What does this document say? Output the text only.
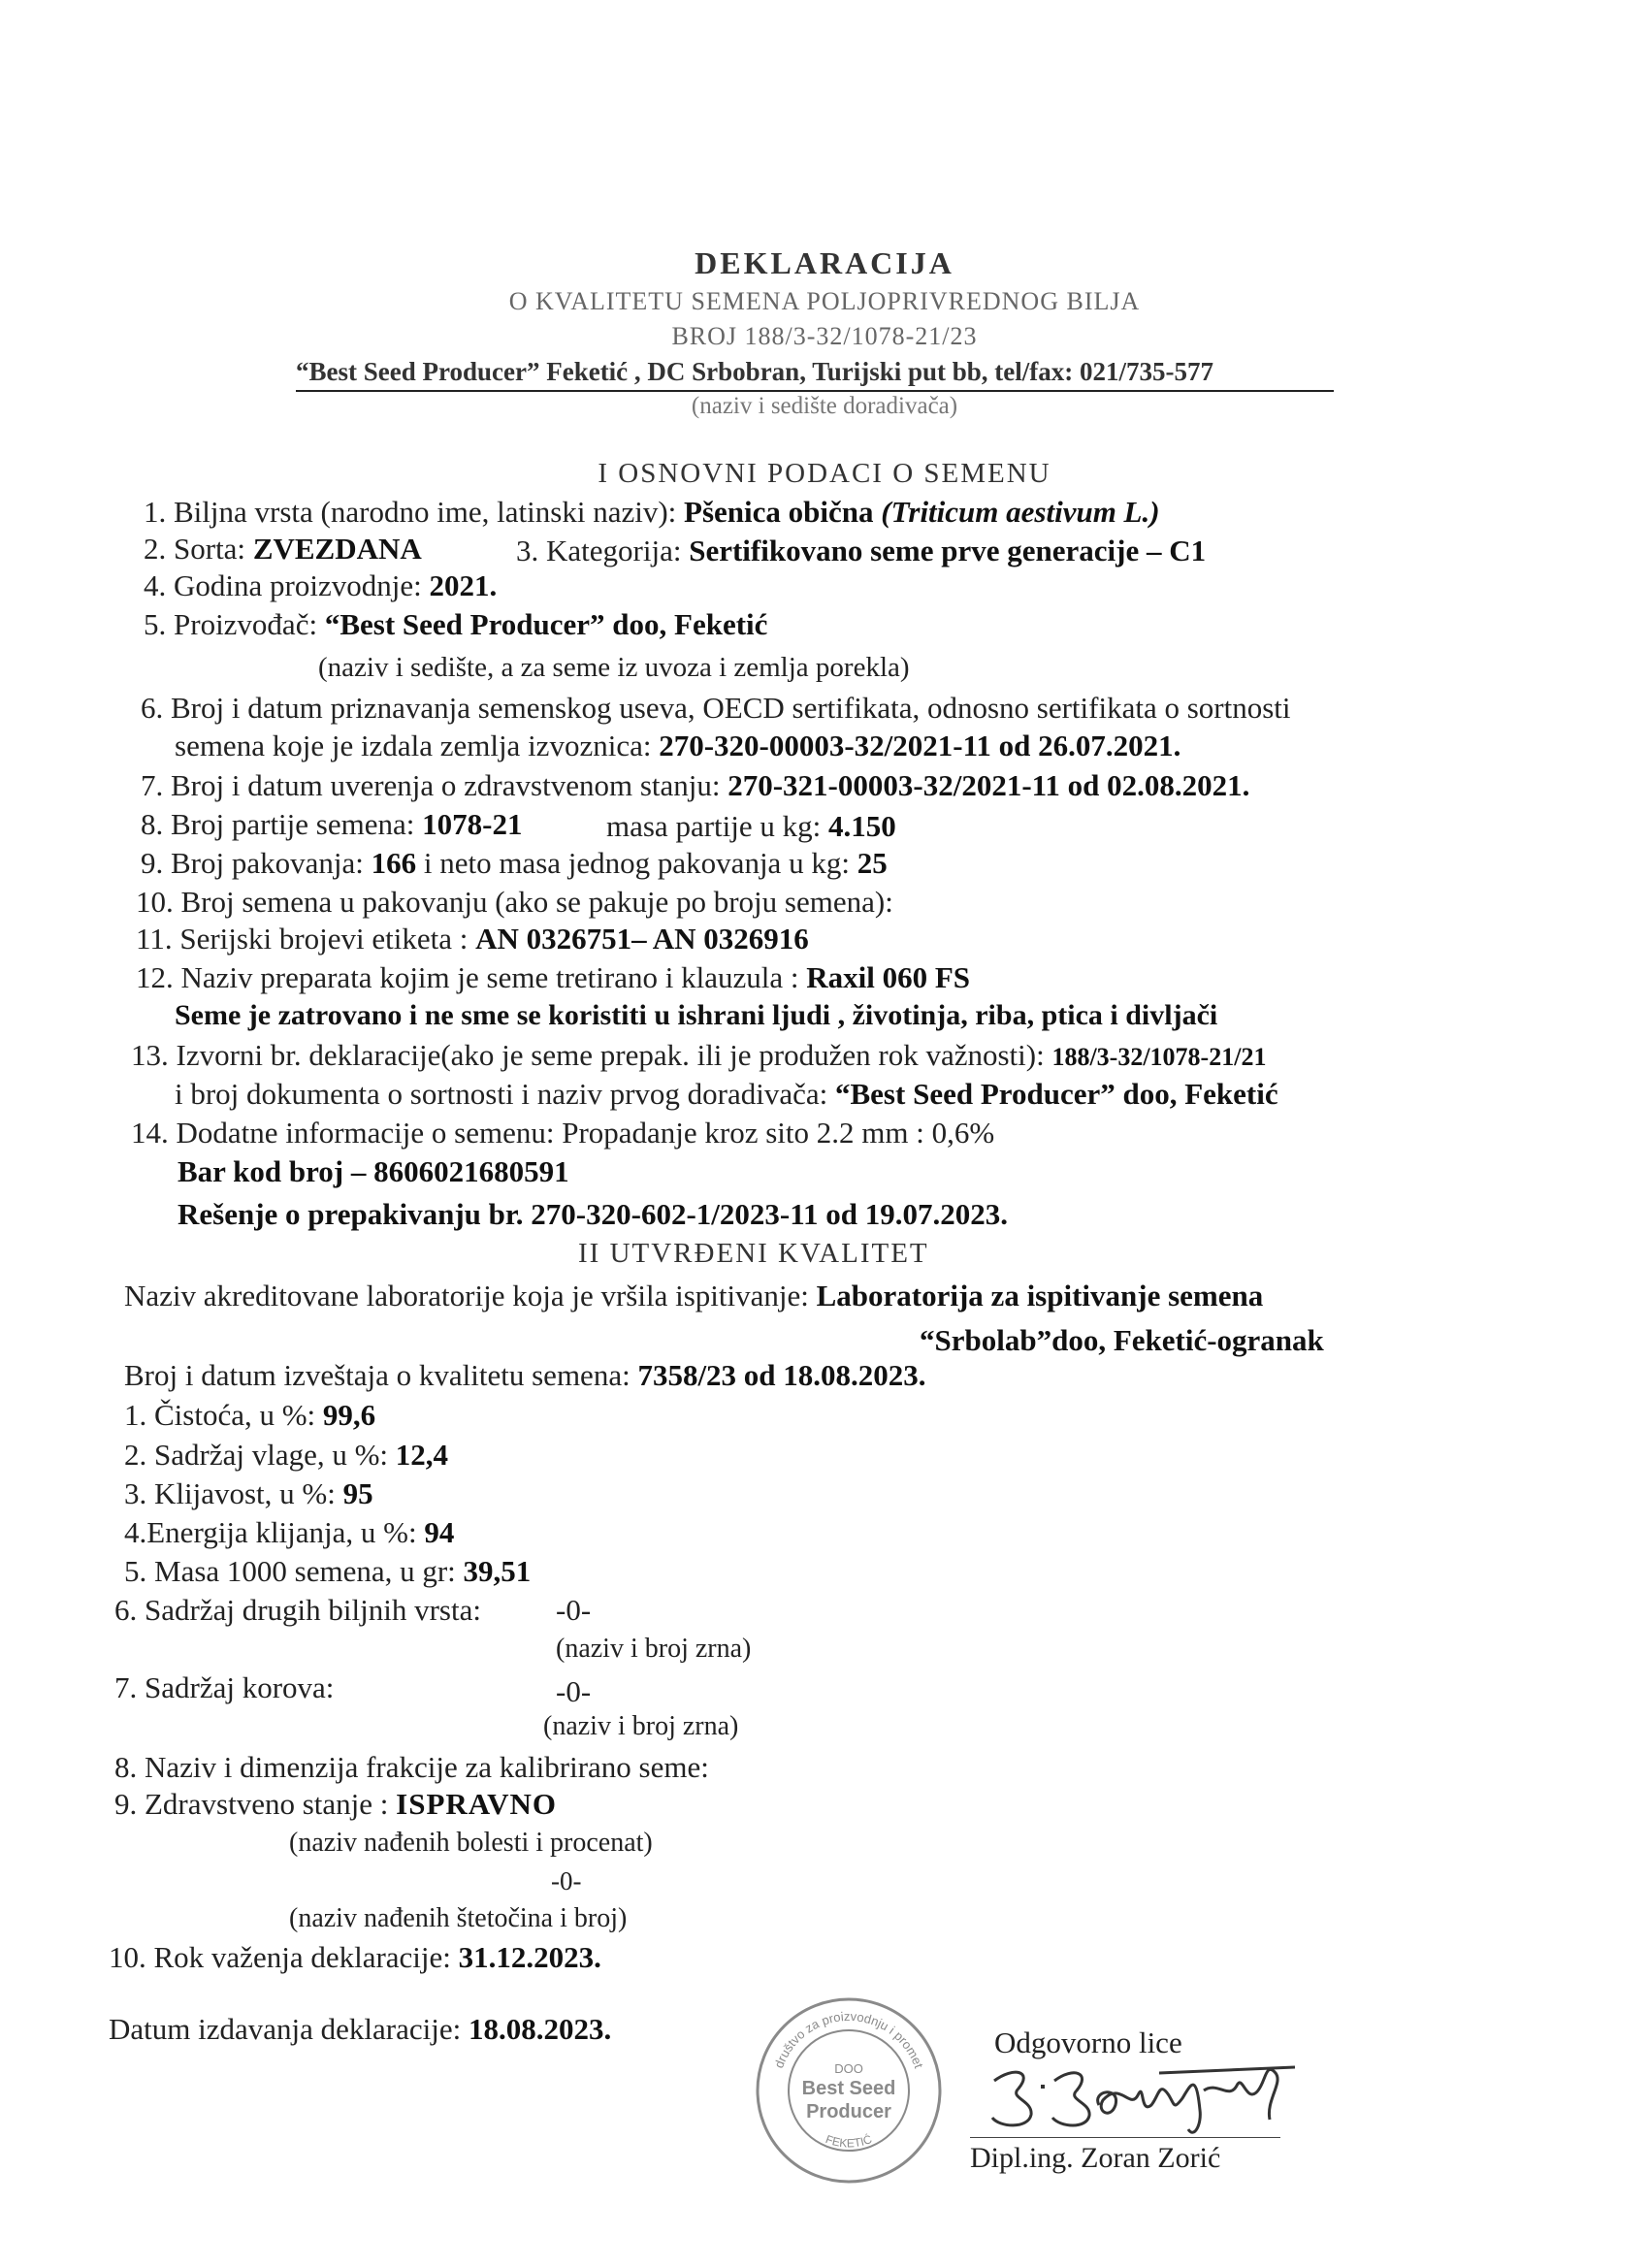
DEKLARACIJA
O KVALITETU SEMENA POLJOPRIVREDNOG BILJA
BROJ 188/3-32/1078-21/23
“Best Seed Producer” Feketić , DC Srbobran, Turijski put bb, tel/fax: 021/735-577
(naziv i sedište doradivača)
I OSNOVNI PODACI O SEMENU
1. Biljna vrsta (narodno ime, latinski naziv): Pšenica obična (Triticum aestivum L.)
2. Sorta: ZVEZDANA	3. Kategorija: Sertifikovano seme prve generacije – C1
4. Godina proizvodnje: 2021.
5. Proizvođač: “Best Seed Producer” doo, Feketić
(naziv i sedište, a za seme iz uvoza i zemlja porekla)
6. Broj i datum priznavanja semenskog useva, OECD sertifikata, odnosno sertifikata o sortnosti
semena koje je izdala zemlja izvoznica: 270-320-00003-32/2021-11 od 26.07.2021.
7. Broj i datum uverenja o zdravstvenom stanju: 270-321-00003-32/2021-11 od 02.08.2021.
8. Broj partije semena: 1078-21	masa partije u kg: 4.150
9. Broj pakovanja: 166 i neto masa jednog pakovanja u kg: 25
10. Broj semena u pakovanju (ako se pakuje po broju semena):
11. Serijski brojevi etiketa : AN 0326751– AN 0326916
12. Naziv preparata kojim je seme tretirano i klauzula : Raxil 060 FS
Seme je zatrovano i ne sme se koristiti u ishrani ljudi , životinja, riba, ptica i divljači
13. Izvorni br. deklaracije(ako je seme prepak. ili je produžen rok važnosti): 188/3-32/1078-21/21
i broj dokumenta o sortnosti i naziv prvog doradivača: “Best Seed Producer” doo, Feketić
14. Dodatne informacije o semenu: Propadanje kroz sito 2.2 mm : 0,6%
Bar kod broj – 8606021680591
Rešenje o prepakivanju br. 270-320-602-1/2023-11 od 19.07.2023.
II UTVRĐENI KVALITET
Naziv akreditovane laboratorije koja je vršila ispitivanje: Laboratorija za ispitivanje semena
“Srbolab”doo, Feketić-ogranak
Broj i datum izveštaja o kvalitetu semena: 7358/23 od 18.08.2023.
1. Čistoća, u %: 99,6
2. Sadržaj vlage, u %: 12,4
3. Klijavost, u %: 95
4.Energija klijanja, u %: 94
5. Masa 1000 semena, u gr: 39,51
6. Sadržaj drugih biljnih vrsta: -0-
(naziv i broj zrna)
7. Sadržaj korova:	-0-
(naziv i broj zrna)
8. Naziv i dimenzija frakcije za kalibrirano seme:
9. Zdravstveno stanje : ISPRAVNO
(naziv nađenih bolesti i procenat)
-0-
(naziv nađenih štetočina i broj)
10. Rok važenja deklaracije: 31.12.2023.
Datum izdavanja deklaracije: 18.08.2023.	Odgovorno lice
društvo za proizvodnju i promet
FEKETIĆ
DOO
Best Seed
Producer
Dipl.ing. Zoran Zorić
